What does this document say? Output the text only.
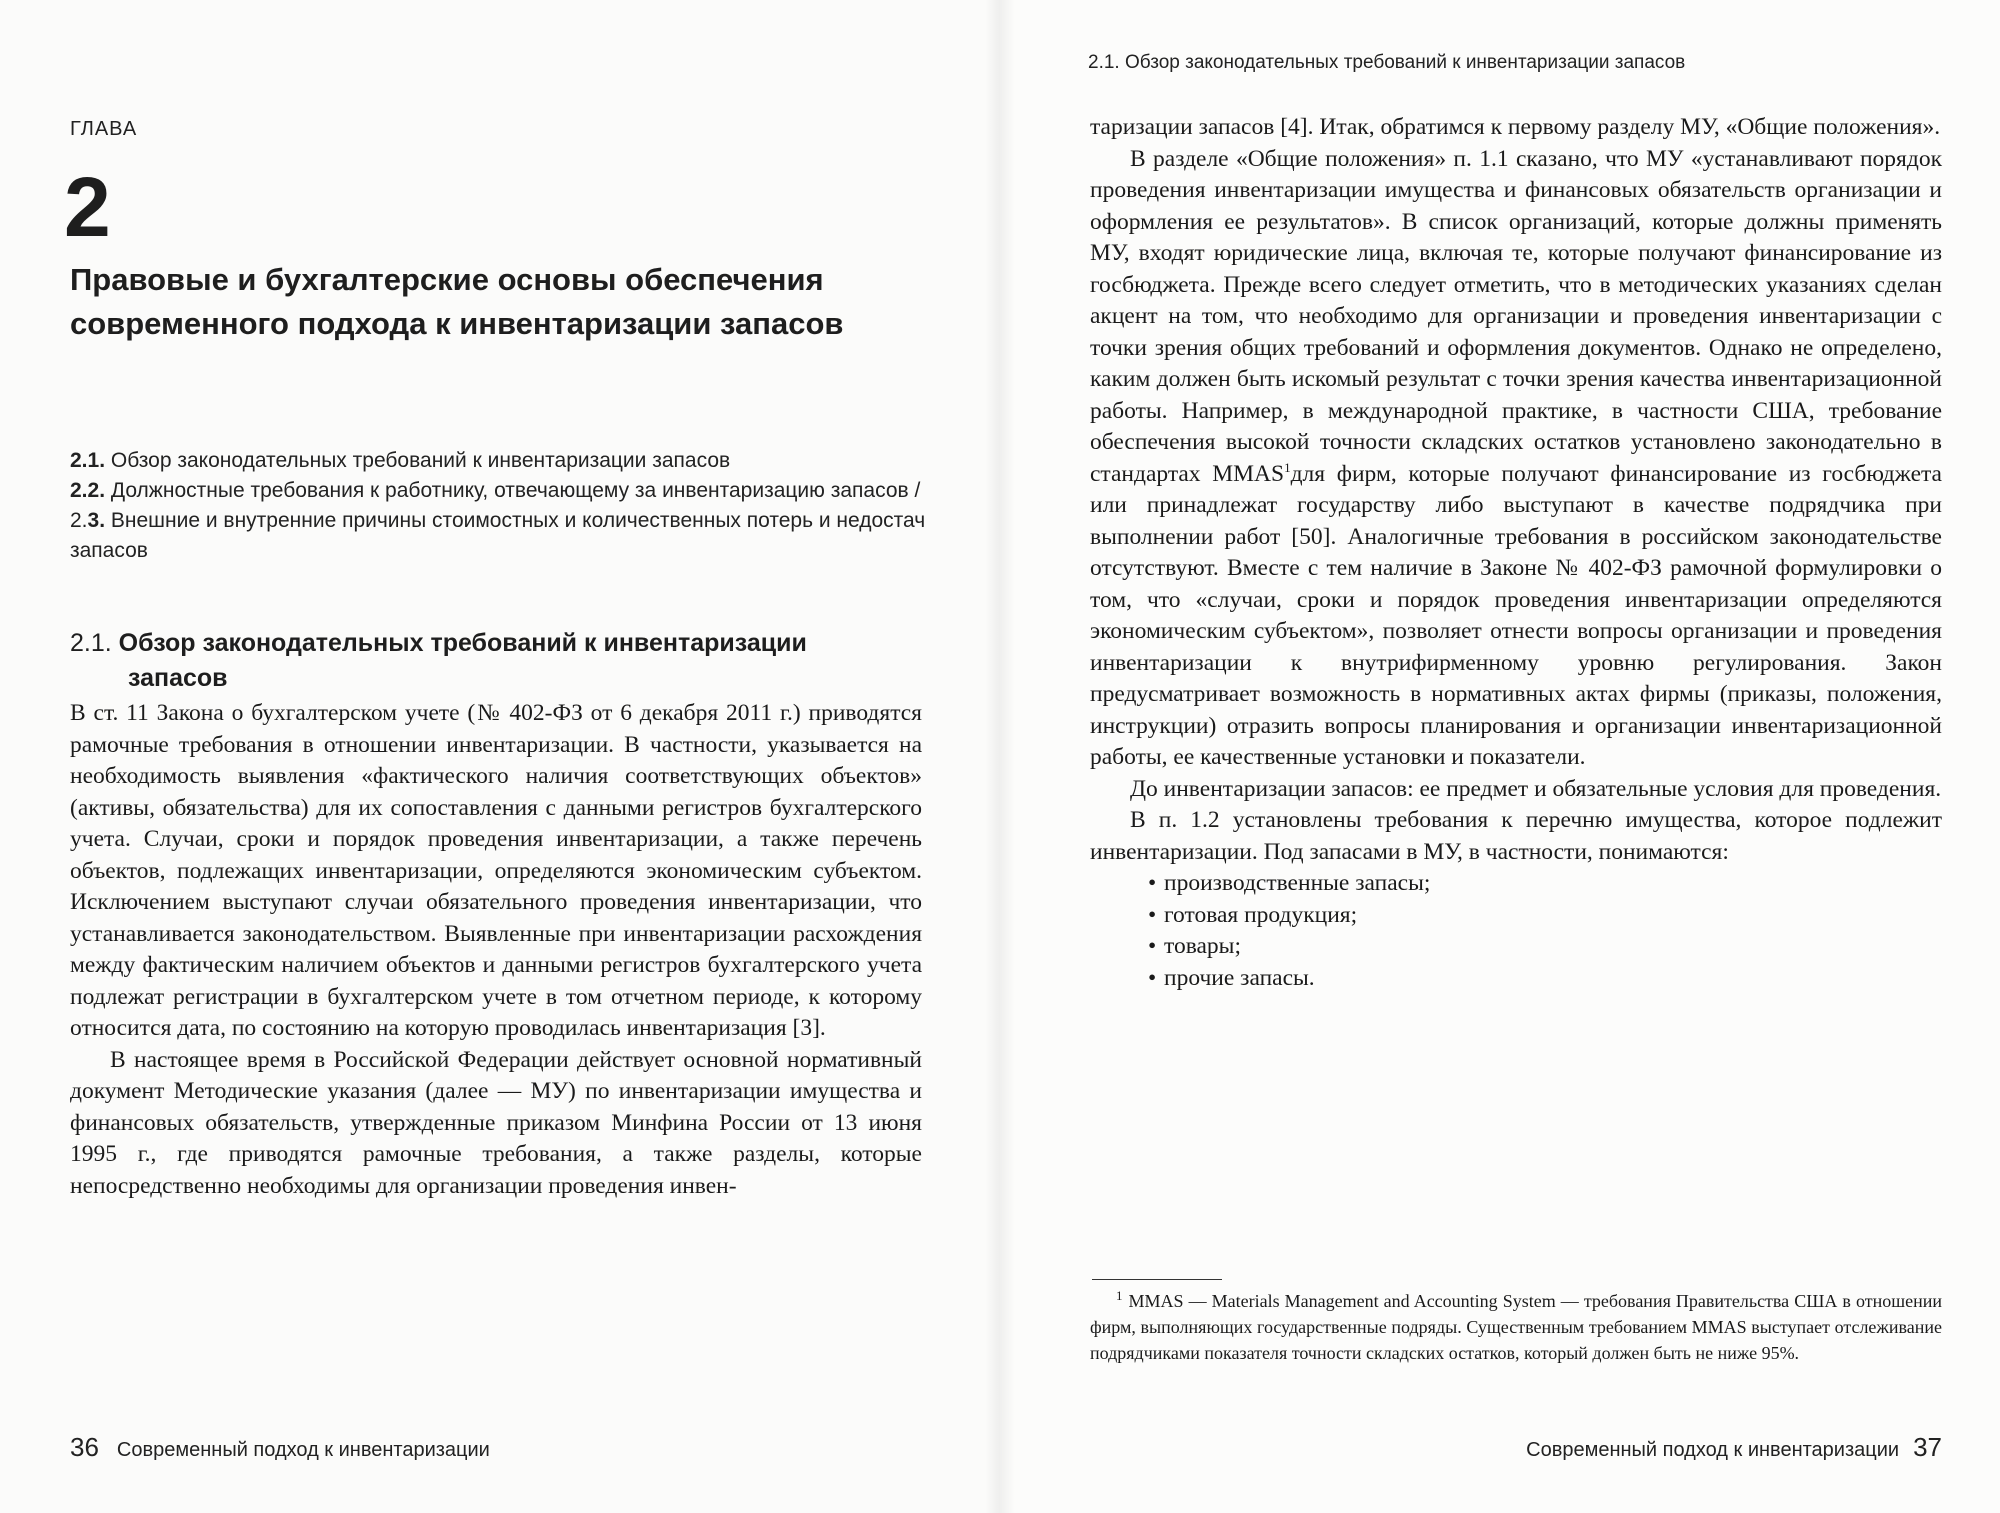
ГЛАВА
2
Правовые и бухгалтерские основы обеспечения современного подхода к инвентаризации запасов
2.1. Обзор законодательных требований к инвентаризации запасов
2.2. Должностные требования к работнику, отвечающему за инвентаризацию запасов / 2.3. Внешние и внутренние причины стоимостных и количественных потерь и недостач запасов
2.1. Обзор законодательных требований к инвентаризации
запасов

В ст. 11 Закона о бухгалтерском учете (№ 402-ФЗ от 6 декабря 2011 г.) приводятся рамочные требования в отношении инвентаризации. В частности, указывается на необходимость выявления «фактического наличия соответствующих объектов» (активы, обязательства) для их сопоставления с данными регистров бухгалтерского учета. Случаи, сроки и порядок проведения инвентаризации, а также перечень объектов, подлежащих инвентаризации, определяются экономическим субъектом. Исключением выступают случаи обязательного проведения инвентаризации, что устанавливается законодательством. Выявленные при инвентаризации расхождения между фактическим наличием объектов и данными регистров бухгалтерского учета подлежат регистрации в бухгалтерском учете в том отчетном периоде, к которому относится дата, по состоянию на которую проводилась инвентаризация [3].

В настоящее время в Российской Федерации действует основной нормативный документ Методические указания (далее — МУ) по инвентаризации имущества и финансовых обязательств, утвержденные приказом Минфина России от 13 июня 1995 г., где приводятся рамочные требования, а также разделы, которые непосредственно необходимы для организации проведения инвен-

36 Современный подход к инвентаризации
2.1. Обзор законодательных требований к инвентаризации запасов

таризации запасов [4]. Итак, обратимся к первому разделу МУ, «Общие положения».

В разделе «Общие положения» п. 1.1 сказано, что МУ «устанавливают порядок проведения инвентаризации имущества и финансовых обязательств организации и оформления ее результатов». В список организаций, которые должны применять МУ, входят юридические лица, включая те, которые получают финансирование из госбюджета. Прежде всего следует отметить, что в методических указаниях сделан акцент на том, что необходимо для организации и проведения инвентаризации с точки зрения общих требований и оформления документов. Однако не определено, каким должен быть искомый результат с точки зрения качества инвентаризационной работы. Например, в международной практике, в частности США, требование обеспечения высокой точности складских остатков установлено законодательно в стандартах MMAS$^1$для фирм, которые получают финансирование из госбюджета или принадлежат государству либо выступают в качестве подрядчика при выполнении работ [50]. Аналогичные требования в российском законодательстве отсутствуют. Вместе с тем наличие в Законе № 402-ФЗ рамочной формулировки о том, что «случаи, сроки и порядок проведения инвентаризации определяются экономическим субъектом», позволяет отнести вопросы организации и проведения инвентаризации к внутрифирменному уровню регулирования. Закон предусматривает возможность в нормативных актах фирмы (приказы, положения, инструкции) отразить вопросы планирования и организации инвентаризационной работы, ее качественные установки и показатели.

До инвентаризации запасов: ее предмет и обязательные условия для проведения.

В п. 1.2 установлены требования к перечню имущества, которое подлежит инвентаризации. Под запасами в МУ, в частности, понимаются:

• производственные запасы;
• готовая продукция;
• товары;
• прочие запасы.
$^1$ MMAS — Materials Management and Accounting System — требования Правительства США в отношении фирм, выполняющих государственные подряды. Существенным требованием MMAS выступает отслеживание подрядчиками показателя точности складских остатков, который должен быть не ниже 95%.
Современный подход к инвентаризации 37
